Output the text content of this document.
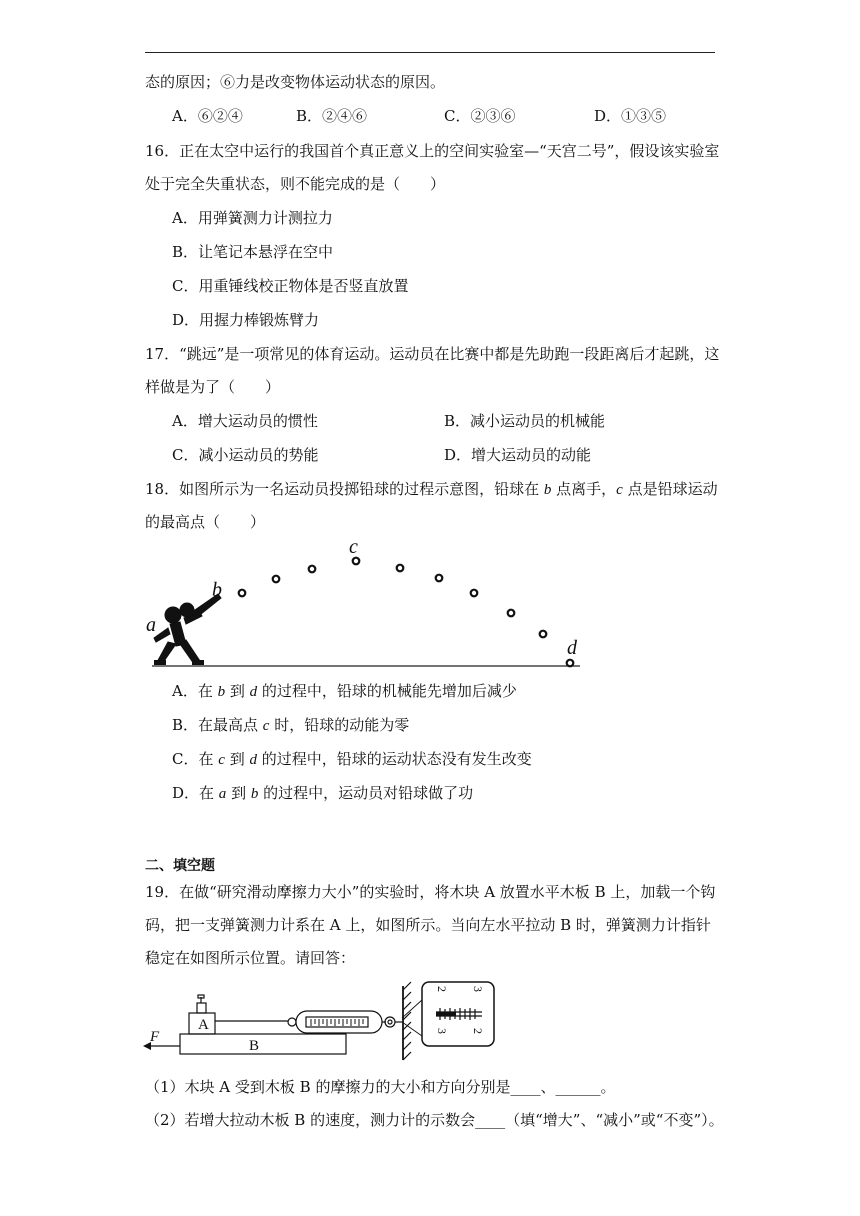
态的原因；⑥力是改变物体运动状态的原因。
A．⑥②④	B．②④⑥	C．②③⑥	D．①③⑤
16．正在太空中运行的我国首个真正意义上的空间实验室—“天宫二号”，假设该实验室
处于完全失重状态，则不能完成的是（　　）
A．用弹簧测力计测拉力
B．让笔记本悬浮在空中
C．用重锤线校正物体是否竖直放置
D．用握力棒锻炼臂力
17．“跳远”是一项常见的体育运动。运动员在比赛中都是先助跑一段距离后才起跳，这
样做是为了（　　）
A．增大运动员的惯性	B．减小运动员的机械能
C．减小运动员的势能	D．增大运动员的动能
18．如图所示为一名运动员投掷铅球的过程示意图，铅球在 b 点离手，c 点是铅球运动
的最高点（　　）
a
b
c
d
A．在 b 到 d 的过程中，铅球的机械能先增加后减少
B．在最高点 c 时，铅球的动能为零
C．在 c 到 d 的过程中，铅球的运动状态没有发生改变
D．在 a 到 b 的过程中，运动员对铅球做了功
二、填空题
19．在做“研究滑动摩擦力大小”的实验时，将木块 A 放置水平木板 B 上，加载一个钩
码，把一支弹簧测力计系在 A 上，如图所示。当向左水平拉动 B 时，弹簧测力计指针
稳定在如图所示位置。请回答：
A
B
F
2 3
3 2
（1）木块 A 受到木板 B 的摩擦力的大小和方向分别是____、______。
（2）若增大拉动木板 B 的速度，测力计的示数会____（填“增大”、“减小”或“不变”）。
